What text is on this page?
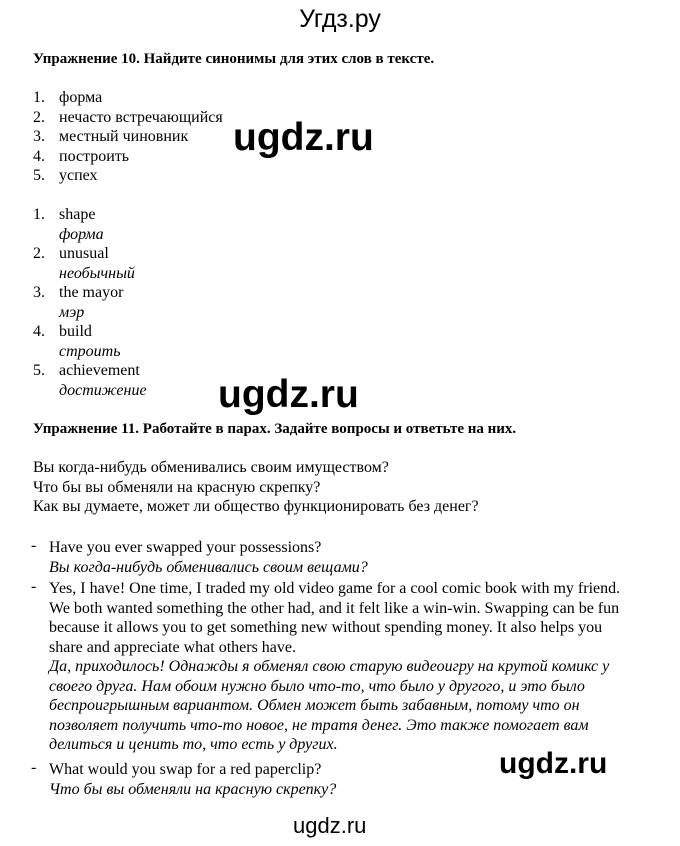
Угдз.ру
Упражнение 10. Найдите синонимы для этих слов в тексте.
1. форма
2. нечасто встречающийся
3. местный чиновник
4. построить
5. успех
1. shape
форма
2. unusual
необычный
3. the mayor
мэр
4. build
строить
5. achievement
достижение
Упражнение 11. Работайте в парах. Задайте вопросы и ответьте на них.
Вы когда-нибудь обменивались своим имуществом?
Что бы вы обменяли на красную скрепку?
Как вы думаете, может ли общество функционировать без денег?
- Have you ever swapped your possessions?
Вы когда-нибудь обменивались своим вещами?
- Yes, I have! One time, I traded my old video game for a cool comic book with my friend. We both wanted something the other had, and it felt like a win-win. Swapping can be fun because it allows you to get something new without spending money. It also helps you share and appreciate what others have.
Да, приходилось! Однажды я обменял свою старую видеоигру на крутой комикс у своего друга. Нам обоим нужно было что-то, что было у другого, и это было беспроигрышным вариантом. Обмен может быть забавным, потому что он позволяет получить что-то новое, не тратя денег. Это также помогает вам делиться и ценить то, что есть у других.
- What would you swap for a red paperclip?
Что бы вы обменяли на красную скрепку?
ugdz.ru
ugdz.ru
ugdz.ru
ugdz.ru
